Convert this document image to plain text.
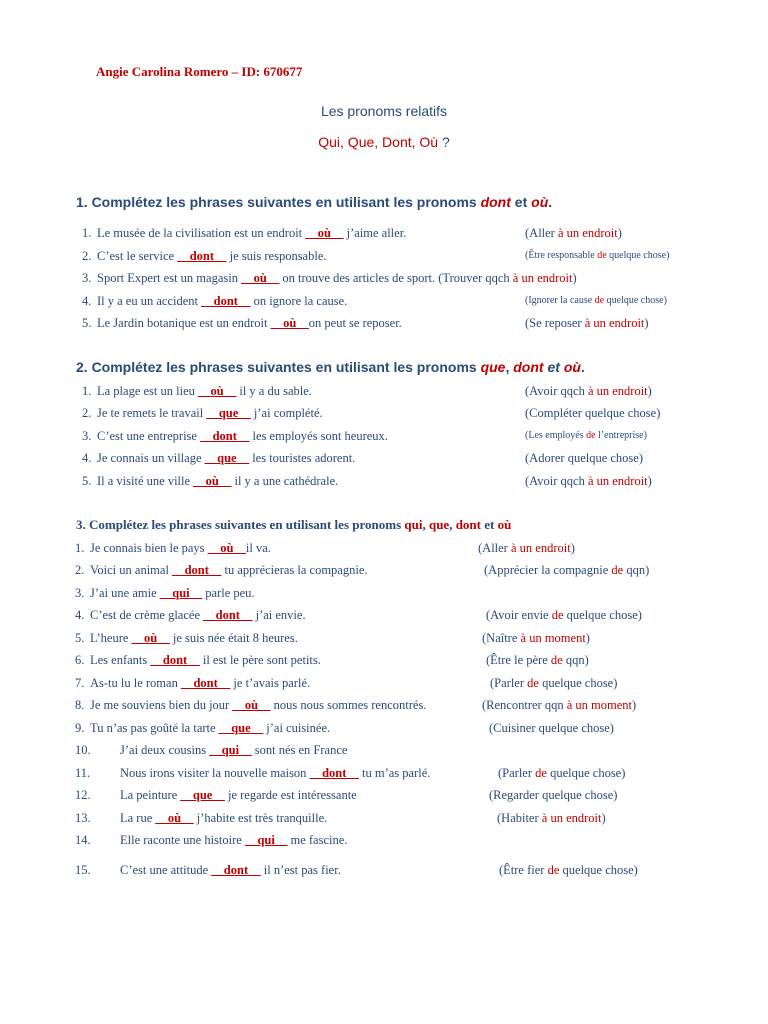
Angie Carolina Romero – ID: 670677
Les pronoms relatifs
Qui, Que, Dont, Où ?
1. Complétez les phrases suivantes en utilisant les pronoms dont et où.
1. Le musée de la civilisation est un endroit __où__ j’aime aller.	(Aller à un endroit)
2. C’est le service __dont__ je suis responsable.	(Être responsable de quelque chose)
3. Sport Expert est un magasin __où__ on trouve des articles de sport. (Trouver qqch à un endroit)
4. Il y a eu un accident __dont__ on ignore la cause.	(Ignorer la cause de quelque chose)
5. Le Jardin botanique est un endroit __où__on peut se reposer.	(Se reposer à un endroit)
2. Complétez les phrases suivantes en utilisant les pronoms que, dont et où.
1. La plage est un lieu __où__ il y a du sable.	(Avoir qqch à un endroit)
2. Je te remets le travail __que__ j’ai complété.	(Compléter quelque chose)
3. C’est une entreprise __dont__ les employés sont heureux.	(Les employés de l’entreprise)
4. Je connais un village __que__ les touristes adorent.	(Adorer quelque chose)
5. Il a visité une ville __où__ il y a une cathédrale.	(Avoir qqch à un endroit)
3. Complétez les phrases suivantes en utilisant les pronoms qui, que, dont et où
1. Je connais bien le pays __où__il va.	(Aller à un endroit)
2. Voici un animal __dont__ tu apprécieras la compagnie.	(Apprécier la compagnie de qqn)
3. J’ai une amie __qui__ parle peu.
4. C’est de crème glacée __dont__ j’ai envie.	(Avoir envie de quelque chose)
5. L’heure __où__ je suis née était 8 heures.	(Naître à un moment)
6. Les enfants __dont__ il est le père sont petits.	(Être le père de qqn)
7. As-tu lu le roman __dont__ je t’avais parlé.	(Parler de quelque chose)
8. Je me souviens bien du jour __où__ nous nous sommes rencontrés.	(Rencontrer qqn à un moment)
9. Tu n’as pas goûté la tarte __que__ j’ai cuisinée.	(Cuisiner quelque chose)
10. J’ai deux cousins __qui__ sont nés en France
11. Nous irons visiter la nouvelle maison __dont__ tu m’as parlé.	(Parler de quelque chose)
12. La peinture __que__ je regarde est intéressante	(Regarder quelque chose)
13. La rue __où__ j’habite est très tranquille.	(Habiter à un endroit)
14. Elle raconte une histoire __qui__ me fascine.
15. C’est une attitude __dont__ il n’est pas fier.	(Être fier de quelque chose)
